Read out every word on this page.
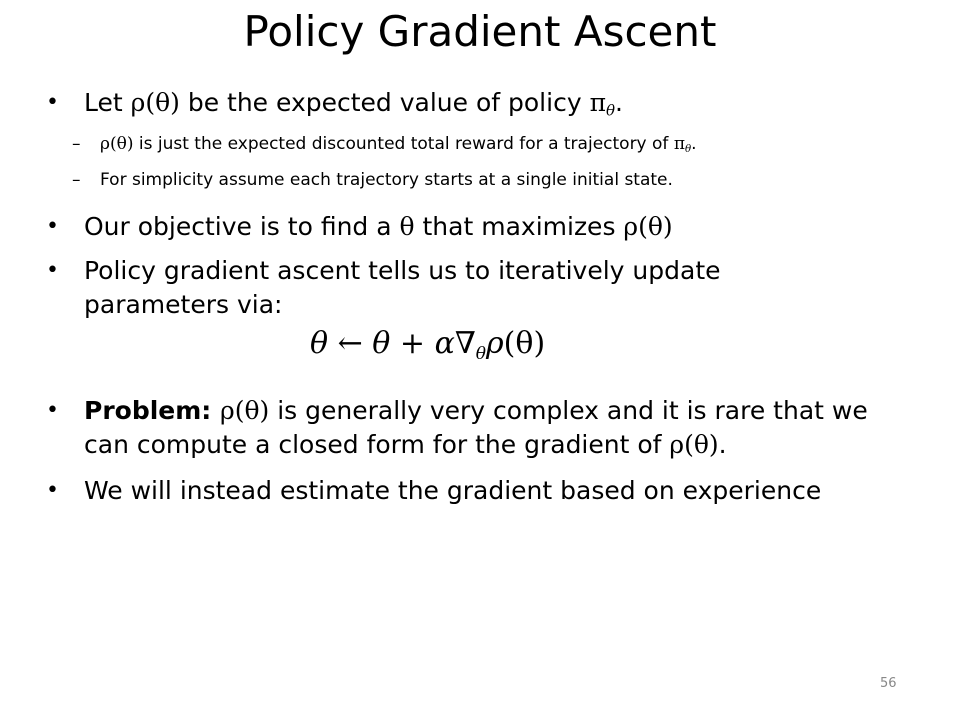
Policy Gradient Ascent
• Let ρ(θ) be the expected value of policy πθ.
– ρ(θ) is just the expected discounted total reward for a trajectory of πθ.
– For simplicity assume each trajectory starts at a single initial state.
• Our objective is to find a θ that maximizes ρ(θ)
• Policy gradient ascent tells us to iteratively update
parameters via:
θ ← $\theta + \alpha\nabla_\theta\rho(\theta)$
• Problem: ρ(θ) is generally very complex and it is rare that we
can compute a closed form for the gradient of ρ(θ).
• We will instead estimate the gradient based on experience
56
